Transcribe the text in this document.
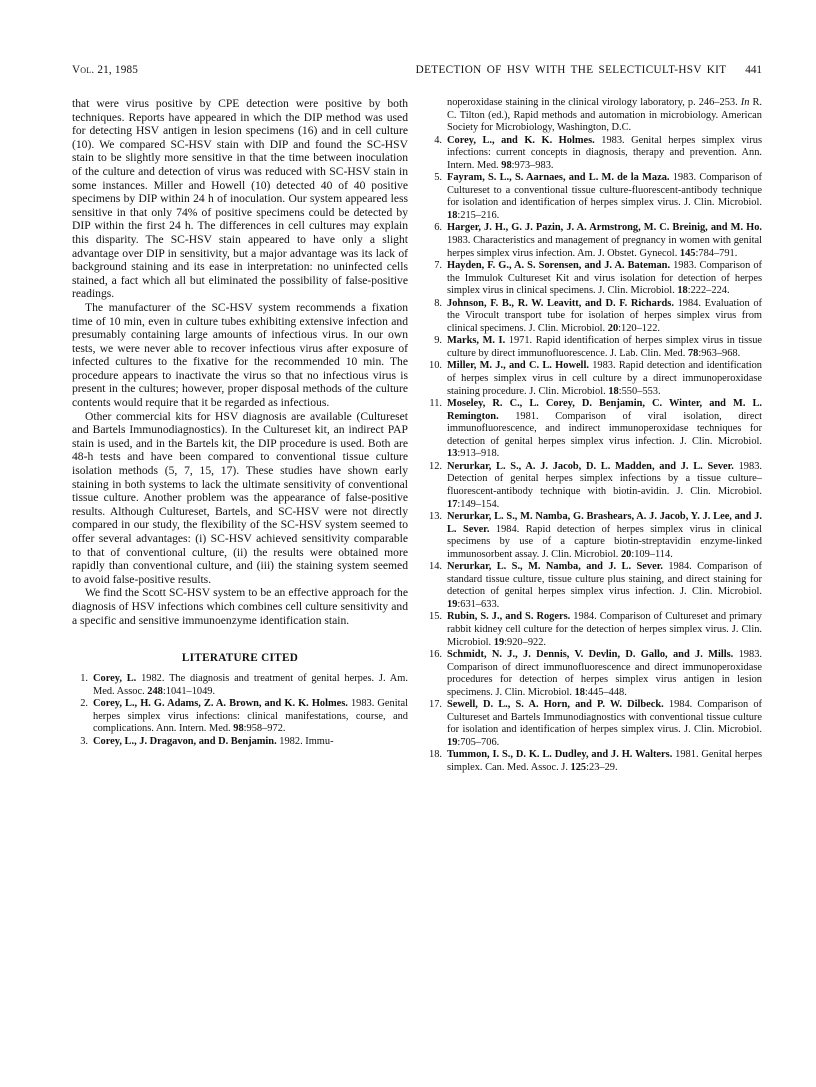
Vol. 21, 1985	DETECTION OF HSV WITH THE SELECTICULT-HSV KIT 441

that were virus positive by CPE detection were positive by both techniques. Reports have appeared in which the DIP method was used for detecting HSV antigen in lesion specimens (16) and in cell culture (10). We compared SC-HSV stain with DIP and found the SC-HSV stain to be slightly more sensitive in that the time between inoculation of the culture and detection of virus was reduced with SC-HSV stain in some instances. Miller and Howell (10) detected 40 of 40 positive specimens by DIP within 24 h of inoculation. Our system appeared less sensitive in that only 74% of positive specimens could be detected by DIP within the first 24 h. The differences in cell cultures may explain this disparity. The SC-HSV stain appeared to have only a slight advantage over DIP in sensitivity, but a major advantage was its lack of background staining and its ease in interpretation: no uninfected cells stained, a fact which all but eliminated the possibility of false-positive readings.

The manufacturer of the SC-HSV system recommends a fixation time of 10 min, even in culture tubes exhibiting extensive infection and presumably containing large amounts of infectious virus. In our own tests, we were never able to recover infectious virus after exposure of infected cultures to the fixative for the recommended 10 min. The procedure appears to inactivate the virus so that no infectious virus is present in the cultures; however, proper disposal methods of the culture contents would require that it be regarded as infectious.

Other commercial kits for HSV diagnosis are available (Cultureset and Bartels Immunodiagnostics). In the Cultureset kit, an indirect PAP stain is used, and in the Bartels kit, the DIP procedure is used. Both are 48-h tests and have been compared to conventional tissue culture isolation methods (5, 7, 15, 17). These studies have shown early staining in both systems to lack the ultimate sensitivity of conventional tissue culture. Another problem was the appearance of false-positive results. Although Cultureset, Bartels, and SC-HSV were not directly compared in our study, the flexibility of the SC-HSV system seemed to offer several advantages: (i) SC-HSV achieved sensitivity comparable to that of conventional culture, (ii) the results were obtained more rapidly than conventional culture, and (iii) the staining system seemed to avoid false-positive results.

We find the Scott SC-HSV system to be an effective approach for the diagnosis of HSV infections which combines cell culture sensitivity and a specific and sensitive immunoenzyme identification stain.

LITERATURE CITED
1. Corey, L. 1982. The diagnosis and treatment of genital herpes. J. Am. Med. Assoc. 248:1041–1049.
2. Corey, L., H. G. Adams, Z. A. Brown, and K. K. Holmes. 1983. Genital herpes simplex virus infections: clinical manifestations, course, and complications. Ann. Intern. Med. 98:958–972.
3. Corey, L., J. Dragavon, and D. Benjamin. 1982. Immu-
noperoxidase staining in the clinical virology laboratory, p. 246–253. In R. C. Tilton (ed.), Rapid methods and automation in microbiology. American Society for Microbiology, Washington, D.C.
4. Corey, L., and K. K. Holmes. 1983. Genital herpes simplex virus infections: current concepts in diagnosis, therapy and prevention. Ann. Intern. Med. 98:973–983.
5. Fayram, S. L., S. Aarnaes, and L. M. de la Maza. 1983. Comparison of Cultureset to a conventional tissue culture-fluorescent-antibody technique for isolation and identification of herpes simplex virus. J. Clin. Microbiol. 18:215–216.
6. Harger, J. H., G. J. Pazin, J. A. Armstrong, M. C. Breinig, and M. Ho. 1983. Characteristics and management of pregnancy in women with genital herpes simplex virus infection. Am. J. Obstet. Gynecol. 145:784–791.
7. Hayden, F. G., A. S. Sorensen, and J. A. Bateman. 1983. Comparison of the Immulok Cultureset Kit and virus isolation for detection of herpes simplex virus in clinical specimens. J. Clin. Microbiol. 18:222–224.
8. Johnson, F. B., R. W. Leavitt, and D. F. Richards. 1984. Evaluation of the Virocult transport tube for isolation of herpes simplex virus from clinical specimens. J. Clin. Microbiol. 20:120–122.
9. Marks, M. I. 1971. Rapid identification of herpes simplex virus in tissue culture by direct immunofluorescence. J. Lab. Clin. Med. 78:963–968.
10. Miller, M. J., and C. L. Howell. 1983. Rapid detection and identification of herpes simplex virus in cell culture by a direct immunoperoxidase staining procedure. J. Clin. Microbiol. 18:550–553.
11. Moseley, R. C., L. Corey, D. Benjamin, C. Winter, and M. L. Remington. 1981. Comparison of viral isolation, direct immunofluorescence, and indirect immunoperoxidase techniques for detection of genital herpes simplex virus infection. J. Clin. Microbiol. 13:913–918.
12. Nerurkar, L. S., A. J. Jacob, D. L. Madden, and J. L. Sever. 1983. Detection of genital herpes simplex infections by a tissue culture–fluorescent-antibody technique with biotin-avidin. J. Clin. Microbiol. 17:149–154.
13. Nerurkar, L. S., M. Namba, G. Brashears, A. J. Jacob, Y. J. Lee, and J. L. Sever. 1984. Rapid detection of herpes simplex virus in clinical specimens by use of a capture biotin-streptavidin enzyme-linked immunosorbent assay. J. Clin. Microbiol. 20:109–114.
14. Nerurkar, L. S., M. Namba, and J. L. Sever. 1984. Comparison of standard tissue culture, tissue culture plus staining, and direct staining for detection of genital herpes simplex virus infection. J. Clin. Microbiol. 19:631–633.
15. Rubin, S. J., and S. Rogers. 1984. Comparison of Cultureset and primary rabbit kidney cell culture for the detection of herpes simplex virus. J. Clin. Microbiol. 19:920–922.
16. Schmidt, N. J., J. Dennis, V. Devlin, D. Gallo, and J. Mills. 1983. Comparison of direct immunofluorescence and direct immunoperoxidase procedures for detection of herpes simplex virus antigen in lesion specimens. J. Clin. Microbiol. 18:445–448.
17. Sewell, D. L., S. A. Horn, and P. W. Dilbeck. 1984. Comparison of Cultureset and Bartels Immunodiagnostics with conventional tissue culture for isolation and identification of herpes simplex virus. J. Clin. Microbiol. 19:705–706.
18. Tummon, I. S., D. K. L. Dudley, and J. H. Walters. 1981. Genital herpes simplex. Can. Med. Assoc. J. 125:23–29.
